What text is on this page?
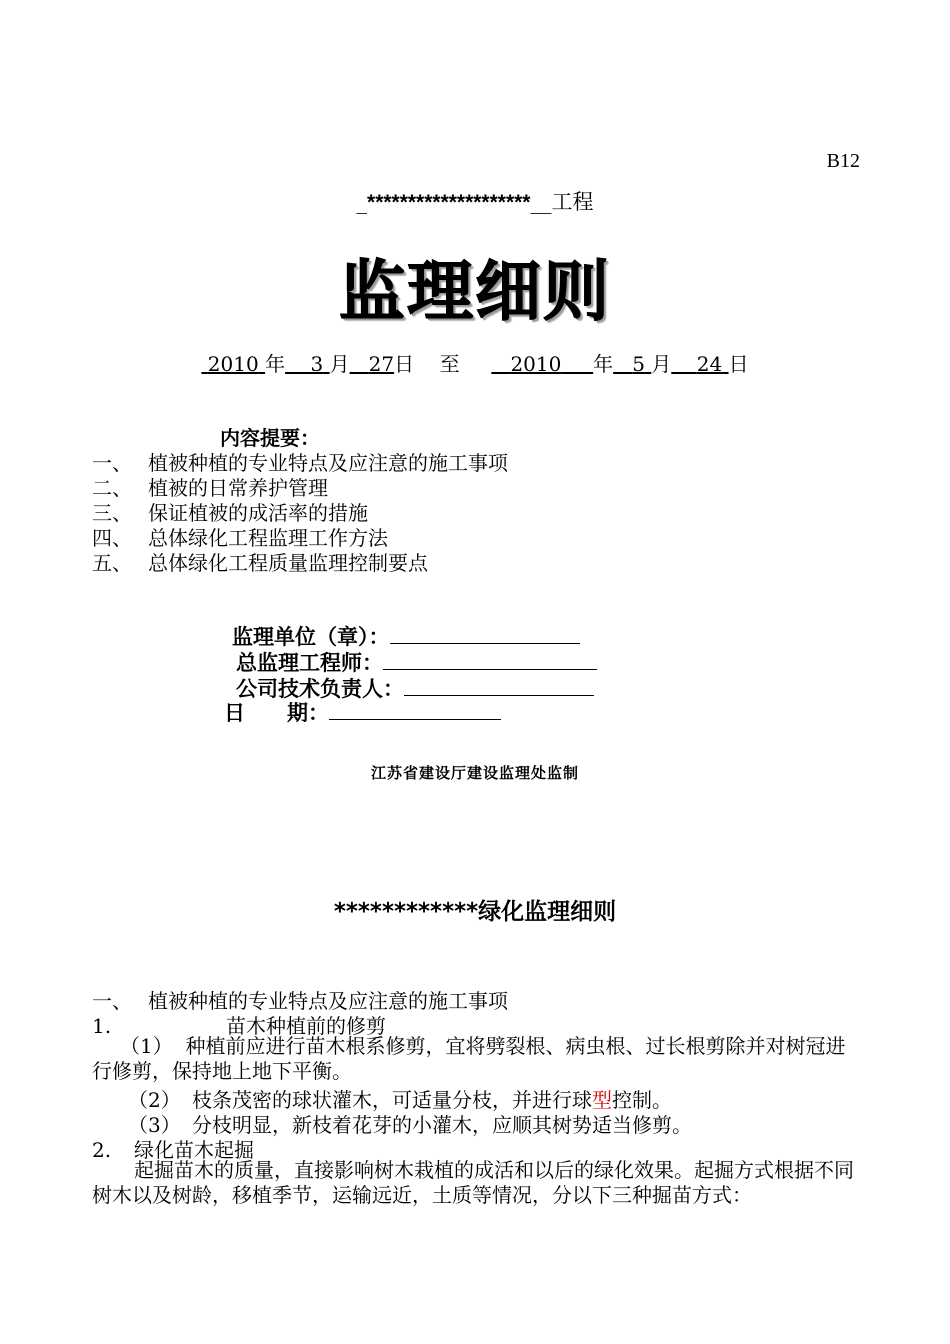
B12
_********************__工程
监理细则
2010 年 3 月 27日 至	2010 年 5 月 24 日
内容提要：
一、 植被种植的专业特点及应注意的施工事项
二、 植被的日常养护管理
三、 保证植被的成活率的措施
四、 总体绿化工程监理工作方法
五、 总体绿化工程质量监理控制要点
监理单位（章）：
总监理工程师：
公司技术负责人：
日　　期：
江苏省建设厅建设监理处监制
************绿化监理细则
一、 植被种植的专业特点及应注意的施工事项
1.	苗木种植前的修剪
（1） 种植前应进行苗木根系修剪，宜将劈裂根、病虫根、过长根剪除并对树冠进行修剪，保持地上地下平衡。
（2） 枝条茂密的球状灌木，可适量分枝，并进行球型控制。
（3） 分枝明显，新枝着花芽的小灌木，应顺其树势适当修剪。
2. 绿化苗木起掘
起掘苗木的质量，直接影响树木栽植的成活和以后的绿化效果。起掘方式根据不同树木以及树龄，移植季节，运输远近，土质等情况，分以下三种掘苗方式：
